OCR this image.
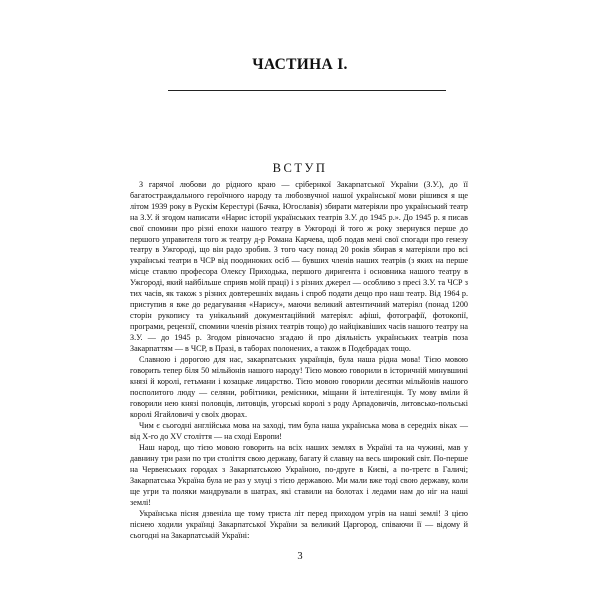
ЧАСТИНА І.
ВСТУП

З гарячої любови до рідного краю — срібернкої Закарпатської України (З.У.), до її багатостраждального героїчного народу та любозвучної нашої української мови рішився я ще літом 1939 року в Рускім Керестурі (Бачка, Югославія) збирати матеріяли про український театр на З.У. й згодом написати «Нарис історії українських театрів З.У. до 1945 р.». До 1945 р. я писав свої спомини про різні епохи нашого театру в Ужгороді й того ж року звернувся перше до першого управителя того ж театру д-р Романа Карчева, щоб подав мені свої спогади про генезу театру в Ужгороді, що він радо зробив. З того часу понад 20 років збирав я матеріяли про всі українські театри в ЧСР від поодиноких осіб — бувших членів наших театрів (з яких на перше місце ставлю професора Олексу Приходька, першого диригента і основника нашого театру в Ужгороді, який найбільше сприяв моїй праці) і з різних джерел — особливо з пресі З.У. та ЧСР з тих часів, як також з різних довтерешніх видань і спроб подати дещо про наш театр. Від 1964 р. приступив я вже до редагування «Нарису», маючи великий автентичний матеріял (понад 1200 сторін рукопису та унікальний документаційний матеріял: афіші, фотографії, фотокопії, програми, рецензії, спомини членів різних театрів тощо) до найцікавіших часів нашого театру на З.У. — до 1945 р. Згодом рівночасно згадаю й про діяльність українських театрів поза Закарпаттям — в ЧСР, в Празі, в таборах полонених, а також в Подєбрадах тощо.

Славною і дорогою для нас, закарпатських українців, була наша рідна мова! Тією мовою говорить тепер біля 50 мільйонів нашого народу! Тією мовою говорили в історичній минувшині князі й королі, гетьмани і козацьке лицарство. Тією мовою говорили десятки мільйонів нашого посполитого люду — селяни, робітники, ремісники, міщани й інтелігенція. Ту мову вміли й говорили нею князі половців, литовців, угорські королі з роду Арпадовичів, литовсько-польські королі Ягайловичі у своїх дворах.

Чим є сьогодні англійська мова на заході, тим була наша українська мова в середніх віках — від X-го до XV століття — на сході Европи!

Наш народ, що тією мовою говорить на всіх наших землях в Україні та на чужині, мав у давнину три рази по три століття свою державу, багату й славну на весь широкий світ. По-перше на Червенських городах з Закарпатською Україною, по-друге в Києві, а по-третє в Галичі; Закарпатська Україна була не раз у злуці з тією державою. Ми мали вже тоді свою державу, коли ще угри та поляки мандрували в шатрах, які ставили на болотах і ледами нам до ніг на наші землі!

Українська пісня дзвеніла ще тому триста літ перед приходом угрів на наші землі! З цією піснею ходили українці Закарпатської України за великий Царгород, співаючи її — відому й сьогодні на Закарпатській Україні:

3
